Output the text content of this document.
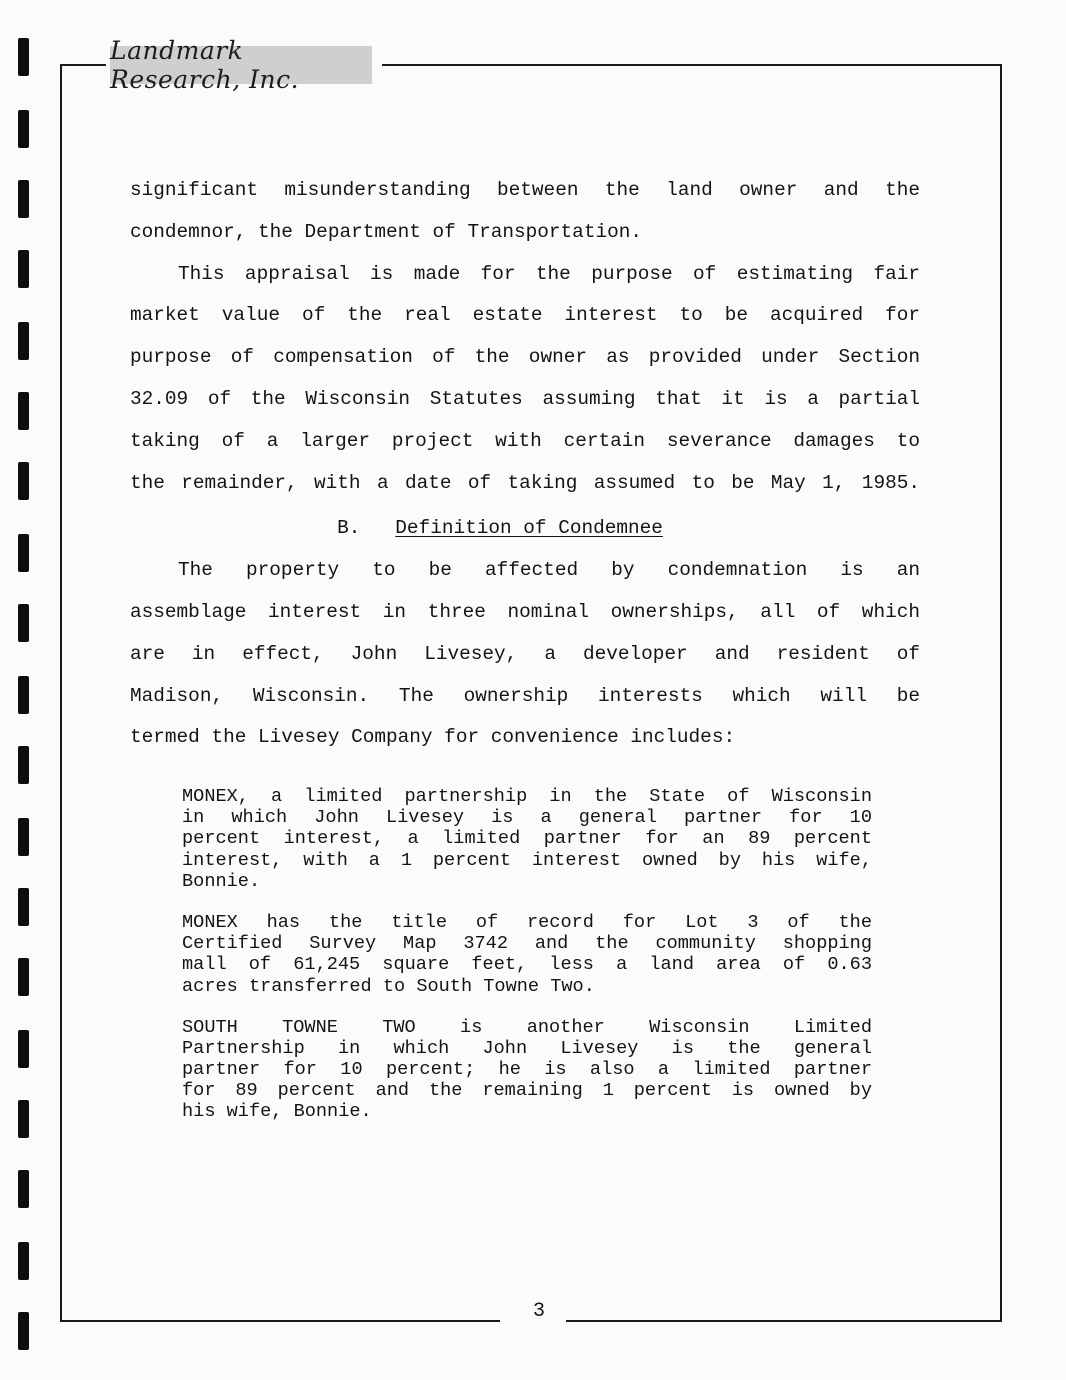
Landmark Research, Inc.
significant misunderstanding between the land owner and the
condemnor, the Department of Transportation.
This appraisal is made for the purpose of estimating fair
market value of the real estate interest to be acquired for
purpose of compensation of the owner as provided under Section
32.09 of the Wisconsin Statutes assuming that it is a partial
taking of a larger project with certain severance damages to
the remainder, with a date of taking assumed to be May 1, 1985.
B. Definition of Condemnee
The property to be affected by condemnation is an
assemblage interest in three nominal ownerships, all of which
are in effect, John Livesey, a developer and resident of
Madison, Wisconsin. The ownership interests which will be
termed the Livesey Company for convenience includes:
MONEX, a limited partnership in the State of Wisconsin
in which John Livesey is a general partner for 10
percent interest, a limited partner for an 89 percent
interest, with a 1 percent interest owned by his wife,
Bonnie.
MONEX has the title of record for Lot 3 of the
Certified Survey Map 3742 and the community shopping
mall of 61,245 square feet, less a land area of 0.63
acres transferred to South Towne Two.
SOUTH TOWNE TWO is another Wisconsin Limited
Partnership in which John Livesey is the general
partner for 10 percent; he is also a limited partner
for 89 percent and the remaining 1 percent is owned by
his wife, Bonnie.
3
